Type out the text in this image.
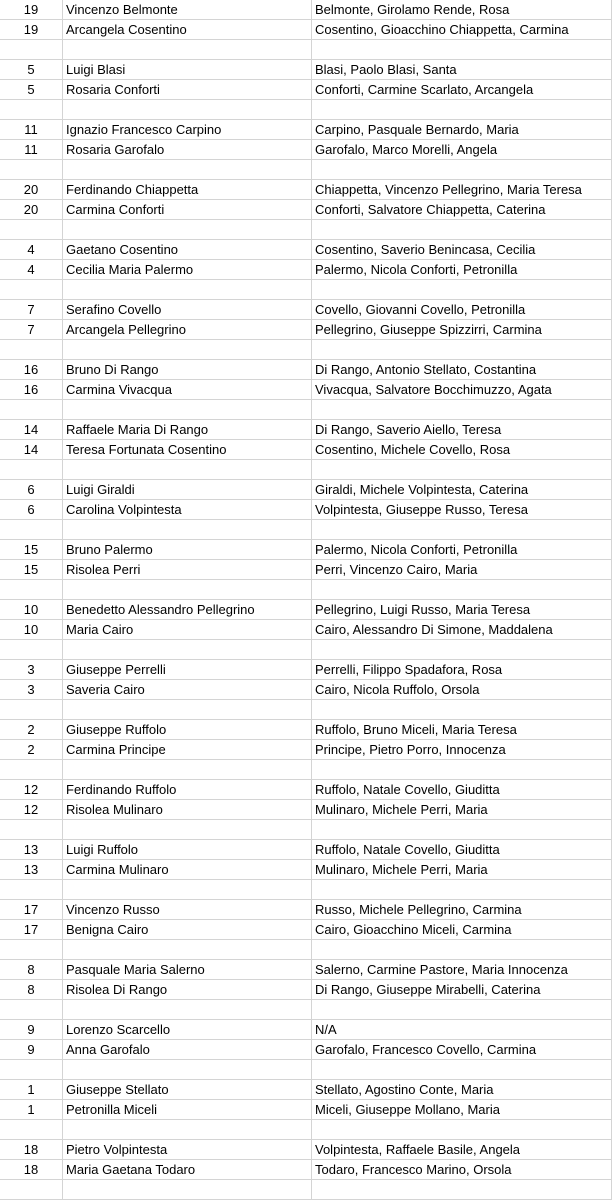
19	Vincenzo Belmonte	Belmonte, Girolamo Rende, Rosa
19	Arcangela Cosentino	Cosentino, Gioacchino Chiappetta, Carmina
5	Luigi Blasi	Blasi, Paolo Blasi, Santa
5	Rosaria Conforti	Conforti, Carmine Scarlato, Arcangela
11	Ignazio Francesco Carpino	Carpino, Pasquale Bernardo, Maria
11	Rosaria Garofalo	Garofalo, Marco Morelli, Angela
20	Ferdinando Chiappetta	Chiappetta, Vincenzo Pellegrino, Maria Teresa
20	Carmina Conforti	Conforti, Salvatore Chiappetta, Caterina
4	Gaetano Cosentino	Cosentino, Saverio Benincasa, Cecilia
4	Cecilia Maria Palermo	Palermo, Nicola Conforti, Petronilla
7	Serafino Covello	Covello, Giovanni Covello, Petronilla
7	Arcangela Pellegrino	Pellegrino, Giuseppe Spizzirri, Carmina
16	Bruno Di Rango	Di Rango, Antonio Stellato, Costantina
16	Carmina Vivacqua	Vivacqua, Salvatore Bocchimuzzo, Agata
14	Raffaele Maria Di Rango	Di Rango, Saverio Aiello, Teresa
14	Teresa Fortunata Cosentino	Cosentino, Michele Covello, Rosa
6	Luigi Giraldi	Giraldi, Michele Volpintesta, Caterina
6	Carolina Volpintesta	Volpintesta, Giuseppe Russo, Teresa
15	Bruno Palermo	Palermo, Nicola Conforti, Petronilla
15	Risolea Perri	Perri, Vincenzo Cairo, Maria
10	Benedetto Alessandro Pellegrino	Pellegrino, Luigi Russo, Maria Teresa
10	Maria Cairo	Cairo, Alessandro Di Simone, Maddalena
3	Giuseppe Perrelli	Perrelli, Filippo Spadafora, Rosa
3	Saveria Cairo	Cairo, Nicola Ruffolo, Orsola
2	Giuseppe Ruffolo	Ruffolo, Bruno Miceli, Maria Teresa
2	Carmina Principe	Principe, Pietro Porro, Innocenza
12	Ferdinando Ruffolo	Ruffolo, Natale Covello, Giuditta
12	Risolea Mulinaro	Mulinaro, Michele Perri, Maria
13	Luigi Ruffolo	Ruffolo, Natale Covello, Giuditta
13	Carmina Mulinaro	Mulinaro, Michele Perri, Maria
17	Vincenzo Russo	Russo, Michele Pellegrino, Carmina
17	Benigna Cairo	Cairo, Gioacchino Miceli, Carmina
8	Pasquale Maria Salerno	Salerno, Carmine Pastore, Maria Innocenza
8	Risolea Di Rango	Di Rango, Giuseppe Mirabelli, Caterina
9	Lorenzo Scarcello	N/A
9	Anna Garofalo	Garofalo, Francesco Covello, Carmina
1	Giuseppe Stellato	Stellato, Agostino Conte, Maria
1	Petronilla Miceli	Miceli, Giuseppe Mollano, Maria
18	Pietro Volpintesta	Volpintesta, Raffaele Basile, Angela
18	Maria Gaetana Todaro	Todaro, Francesco Marino, Orsola
